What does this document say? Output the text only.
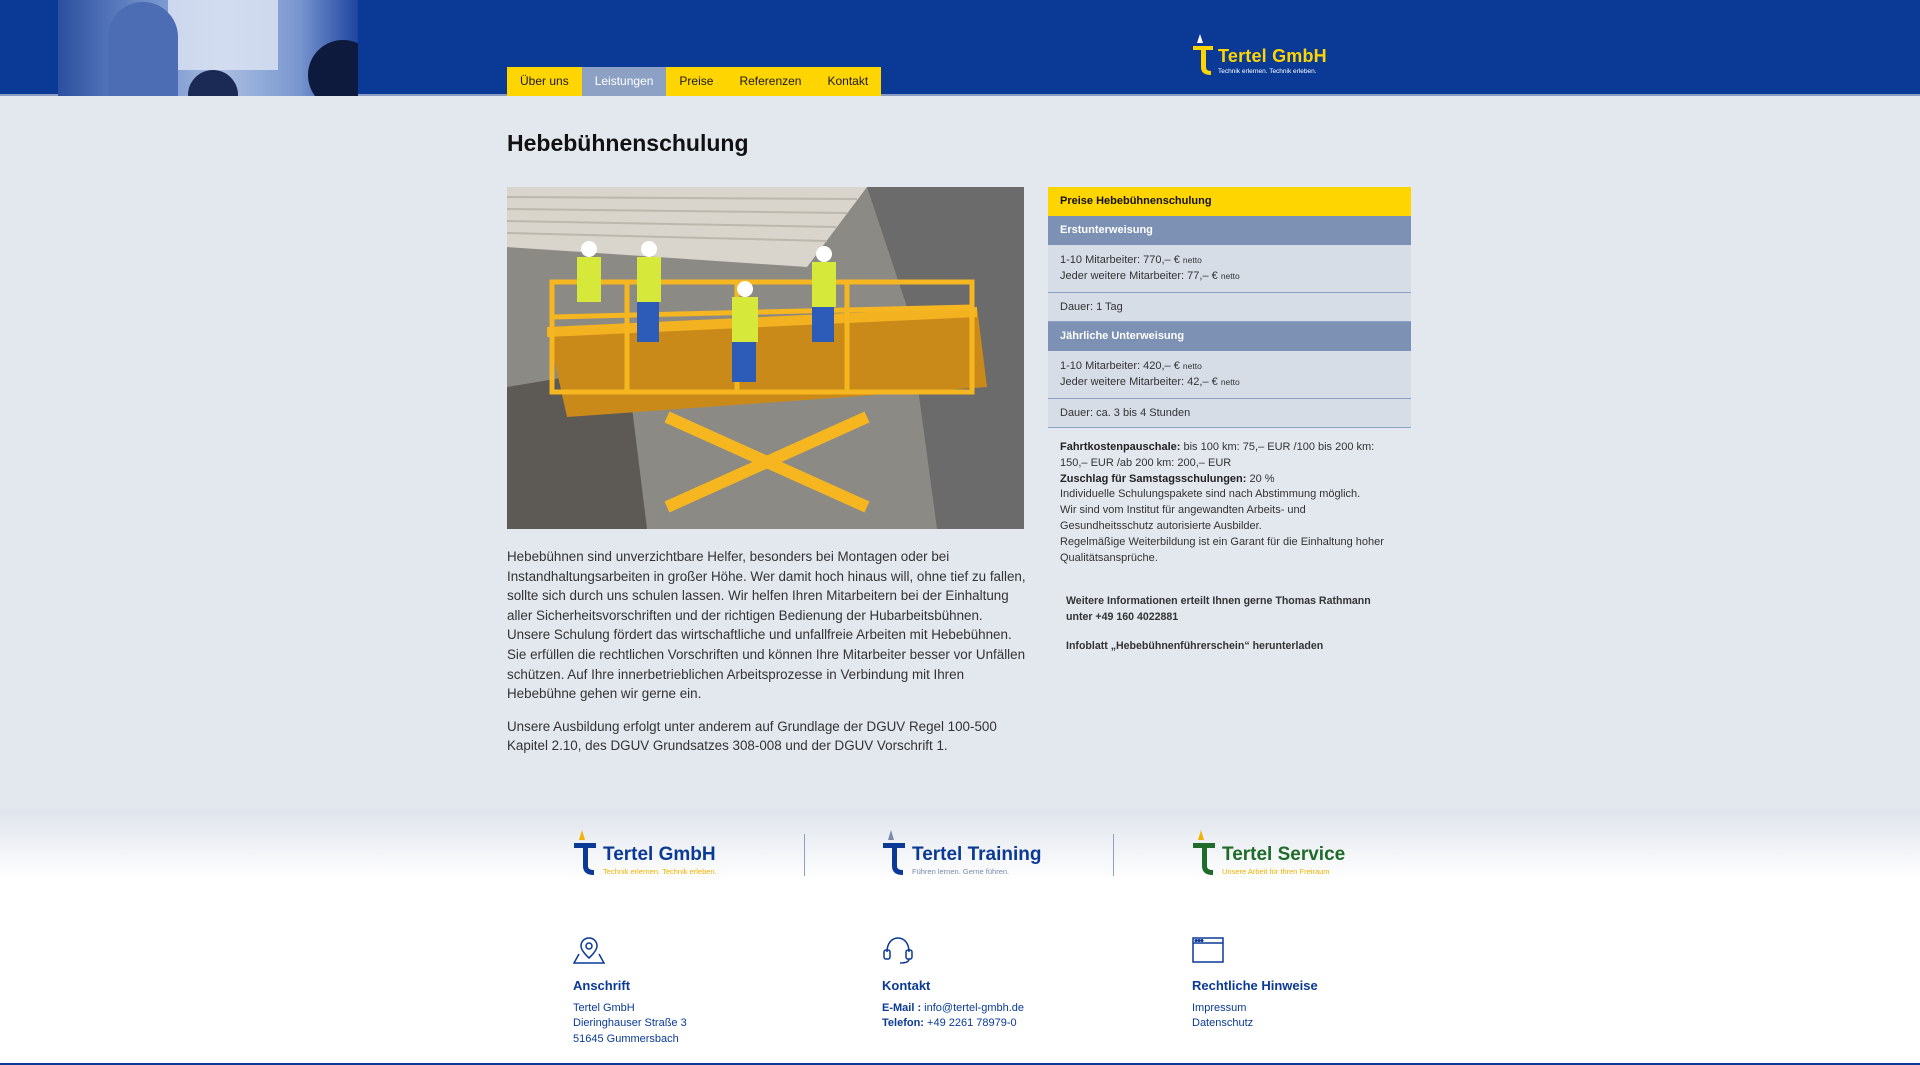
Über uns	Leistungen	Preise	Referenzen	Kontakt
Tertel GmbH
Technik erlernen. Technik erleben.
Hebebühnenschulung

Hebebühnen sind unverzichtbare Helfer, besonders bei Montagen oder bei Instandhaltungsarbeiten in großer Höhe. Wer damit hoch hinaus will, ohne tief zu fallen, sollte sich durch uns schulen lassen. Wir helfen Ihren Mitarbeitern bei der Einhaltung aller Sicherheitsvorschriften und der richtigen Bedienung der Hubarbeitsbühnen. Unsere Schulung fördert das wirtschaftliche und unfallfreie Arbeiten mit Hebebühnen. Sie erfüllen die rechtlichen Vorschriften und können Ihre Mitarbeiter besser vor Unfällen schützen. Auf Ihre innerbetrieblichen Arbeitsprozesse in Verbindung mit Ihren Hebebühne gehen wir gerne ein.

Unsere Ausbildung erfolgt unter anderem auf Grundlage der DGUV Regel 100-500 Kapitel 2.10, des DGUV Grundsatzes 308-008 und der DGUV Vorschrift 1.

Preise Hebebühnenschulung
Erstunterweisung
1-10 Mitarbeiter: 770,– € netto
Jeder weitere Mitarbeiter: 77,– € netto
Dauer: 1 Tag
Jährliche Unterweisung
1-10 Mitarbeiter: 420,– € netto
Jeder weitere Mitarbeiter: 42,– € netto
Dauer: ca. 3 bis 4 Stunden
Fahrtkostenpauschale: bis 100 km: 75,– EUR /100 bis 200 km: 150,– EUR /ab 200 km: 200,– EUR
Zuschlag für Samstagsschulungen: 20 %
Individuelle Schulungspakete sind nach Abstimmung möglich.
Wir sind vom Institut für angewandten Arbeits- und Gesundheitsschutz autorisierte Ausbilder.
Regelmäßige Weiterbildung ist ein Garant für die Einhaltung hoher Qualitätsansprüche.
Weitere Informationen erteilt Ihnen gerne Thomas Rathmann unter +49 160 4022881
Infoblatt „Hebebühnenführerschein“ herunterladen
Tertel GmbH
Technik erlernen. Technik erleben.
Tertel Training
Führen lernen. Gerne führen.
Tertel Service
Unsere Arbeit für Ihren Freiraum
Anschrift
Tertel GmbH
Dieringhauser Straße 3
51645 Gummersbach
Kontakt
E-Mail : info@tertel-gmbh.de
Telefon: +49 2261 78979-0
Rechtliche Hinweise
Impressum
Datenschutz
